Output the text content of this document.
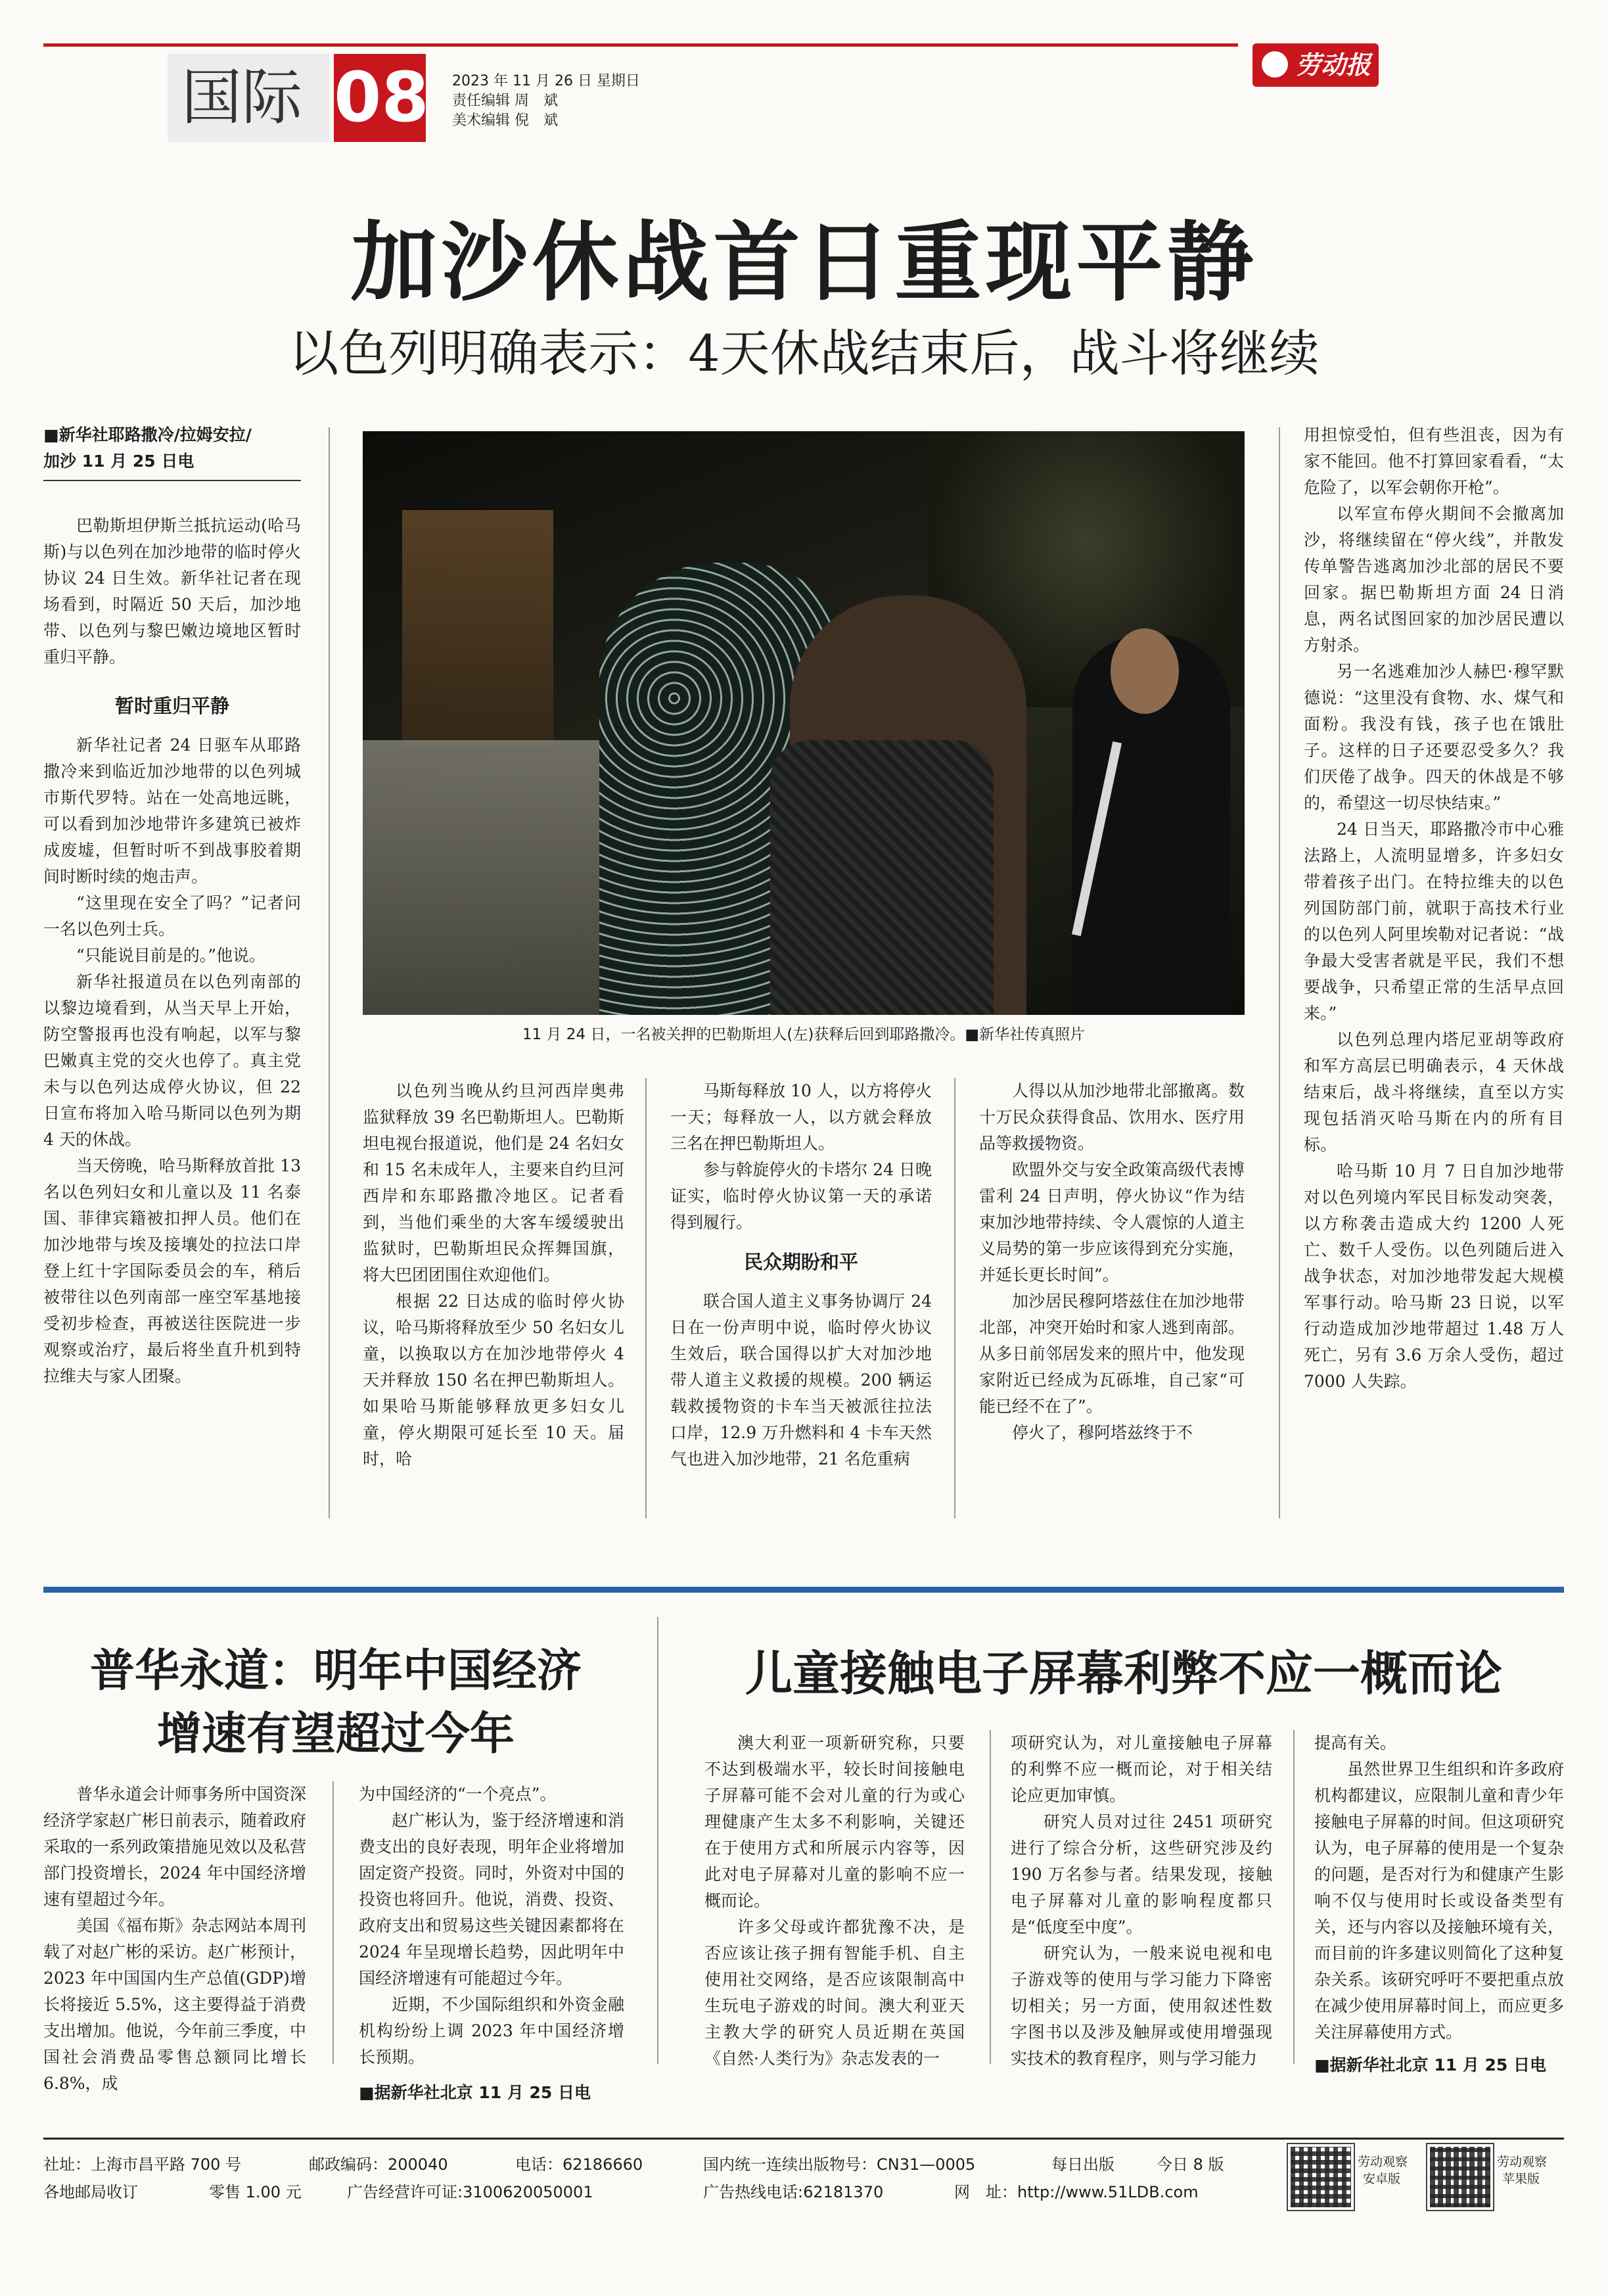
国际 08 2023 年 11 月 26 日 星期日
责任编辑 周　斌
美术编辑 倪　斌
劳动报
加沙休战首日重现平静
以色列明确表示：4天休战结束后，战斗将继续
■新华社耶路撒冷/拉姆安拉/
加沙 11 月 25 日电

巴勒斯坦伊斯兰抵抗运动(哈马斯)与以色列在加沙地带的临时停火协议 24 日生效。新华社记者在现场看到，时隔近 50 天后，加沙地带、以色列与黎巴嫩边境地区暂时重归平静。

暂时重归平静

新华社记者 24 日驱车从耶路撒冷来到临近加沙地带的以色列城市斯代罗特。站在一处高地远眺，可以看到加沙地带许多建筑已被炸成废墟，但暂时听不到战事胶着期间时断时续的炮击声。

“这里现在安全了吗？”记者问一名以色列士兵。

“只能说目前是的。”他说。

新华社报道员在以色列南部的以黎边境看到，从当天早上开始，防空警报再也没有响起，以军与黎巴嫩真主党的交火也停了。真主党未与以色列达成停火协议，但 22 日宣布将加入哈马斯同以色列为期 4 天的休战。

当天傍晚，哈马斯释放首批 13 名以色列妇女和儿童以及 11 名泰国、菲律宾籍被扣押人员。他们在加沙地带与埃及接壤处的拉法口岸登上红十字国际委员会的车，稍后被带往以色列南部一座空军基地接受初步检查，再被送往医院进一步观察或治疗，最后将坐直升机到特拉维夫与家人团聚。

11 月 24 日，一名被关押的巴勒斯坦人(左)获释后回到耶路撒冷。■新华社传真照片

以色列当晚从约旦河西岸奥弗监狱释放 39 名巴勒斯坦人。巴勒斯坦电视台报道说，他们是 24 名妇女和 15 名未成年人，主要来自约旦河西岸和东耶路撒冷地区。记者看到，当他们乘坐的大客车缓缓驶出监狱时，巴勒斯坦民众挥舞国旗，将大巴团团围住欢迎他们。

根据 22 日达成的临时停火协议，哈马斯将释放至少 50 名妇女儿童，以换取以方在加沙地带停火 4 天并释放 150 名在押巴勒斯坦人。如果哈马斯能够释放更多妇女儿童，停火期限可延长至 10 天。届时，哈

马斯每释放 10 人，以方将停火一天；每释放一人，以方就会释放三名在押巴勒斯坦人。

参与斡旋停火的卡塔尔 24 日晚证实，临时停火协议第一天的承诺得到履行。

民众期盼和平

联合国人道主义事务协调厅 24 日在一份声明中说，临时停火协议生效后，联合国得以扩大对加沙地带人道主义救援的规模。200 辆运载救援物资的卡车当天被派往拉法口岸，12.9 万升燃料和 4 卡车天然气也进入加沙地带，21 名危重病

人得以从加沙地带北部撤离。数十万民众获得食品、饮用水、医疗用品等救援物资。

欧盟外交与安全政策高级代表博雷利 24 日声明，停火协议“作为结束加沙地带持续、令人震惊的人道主义局势的第一步应该得到充分实施，并延长更长时间”。

加沙居民穆阿塔兹住在加沙地带北部，冲突开始时和家人逃到南部。从多日前邻居发来的照片中，他发现家附近已经成为瓦砾堆，自己家“可能已经不在了”。

停火了，穆阿塔兹终于不

用担惊受怕，但有些沮丧，因为有家不能回。他不打算回家看看，“太危险了，以军会朝你开枪”。

以军宣布停火期间不会撤离加沙，将继续留在“停火线”，并散发传单警告逃离加沙北部的居民不要回家。据巴勒斯坦方面 24 日消息，两名试图回家的加沙居民遭以方射杀。

另一名逃难加沙人赫巴·穆罕默德说：“这里没有食物、水、煤气和面粉。我没有钱，孩子也在饿肚子。这样的日子还要忍受多久？我们厌倦了战争。四天的休战是不够的，希望这一切尽快结束。”

24 日当天，耶路撒冷市中心雅法路上，人流明显增多，许多妇女带着孩子出门。在特拉维夫的以色列国防部门前，就职于高技术行业的以色列人阿里埃勒对记者说：“战争最大受害者就是平民，我们不想要战争，只希望正常的生活早点回来。”

以色列总理内塔尼亚胡等政府和军方高层已明确表示，4 天休战结束后，战斗将继续，直至以方实现包括消灭哈马斯在内的所有目标。

哈马斯 10 月 7 日自加沙地带对以色列境内军民目标发动突袭，以方称袭击造成大约 1200 人死亡、数千人受伤。以色列随后进入战争状态，对加沙地带发起大规模军事行动。哈马斯 23 日说，以军行动造成加沙地带超过 1.48 万人死亡，另有 3.6 万余人受伤，超过 7000 人失踪。

普华永道：明年中国经济
增速有望超过今年

普华永道会计师事务所中国资深经济学家赵广彬日前表示，随着政府采取的一系列政策措施见效以及私营部门投资增长，2024 年中国经济增速有望超过今年。

美国《福布斯》杂志网站本周刊载了对赵广彬的采访。赵广彬预计，2023 年中国国内生产总值(GDP)增长将接近 5.5%，这主要得益于消费支出增加。他说，今年前三季度，中国社会消费品零售总额同比增长 6.8%，成

为中国经济的“一个亮点”。

赵广彬认为，鉴于经济增速和消费支出的良好表现，明年企业将增加固定资产投资。同时，外资对中国的投资也将回升。他说，消费、投资、政府支出和贸易这些关键因素都将在 2024 年呈现增长趋势，因此明年中国经济增速有可能超过今年。

近期，不少国际组织和外资金融机构纷纷上调 2023 年中国经济增长预期。

■据新华社北京 11 月 25 日电
儿童接触电子屏幕利弊不应一概而论

澳大利亚一项新研究称，只要不达到极端水平，较长时间接触电子屏幕可能不会对儿童的行为或心理健康产生太多不利影响，关键还在于使用方式和所展示内容等，因此对电子屏幕对儿童的影响不应一概而论。

许多父母或许都犹豫不决，是否应该让孩子拥有智能手机、自主使用社交网络，是否应该限制高中生玩电子游戏的时间。澳大利亚天主教大学的研究人员近期在英国《自然·人类行为》杂志发表的一

项研究认为，对儿童接触电子屏幕的利弊不应一概而论，对于相关结论应更加审慎。

研究人员对过往 2451 项研究进行了综合分析，这些研究涉及约 190 万名参与者。结果发现，接触电子屏幕对儿童的影响程度都只是“低度至中度”。

研究认为，一般来说电视和电子游戏等的使用与学习能力下降密切相关；另一方面，使用叙述性数字图书以及涉及触屏或使用增强现实技术的教育程序，则与学习能力

提高有关。

虽然世界卫生组织和许多政府机构都建议，应限制儿童和青少年接触电子屏幕的时间。但这项研究认为，电子屏幕的使用是一个复杂的问题，是否对行为和健康产生影响不仅与使用时长或设备类型有关，还与内容以及接触环境有关，而目前的许多建议则简化了这种复杂关系。该研究呼吁不要把重点放在减少使用屏幕时间上，而应更多关注屏幕使用方式。

■据新华社北京 11 月 25 日电
社址：上海市昌平路 700 号	邮政编码：200040	电话：62186660	国内统一连续出版物号：CN31—0005	每日出版	今日 8 版
各地邮局收订	零售 1.00 元	广告经营许可证:3100620050001	广告热线电话:62181370	网　址：http://www.51LDB.com
劳动观察
安卓版
劳动观察
苹果版
